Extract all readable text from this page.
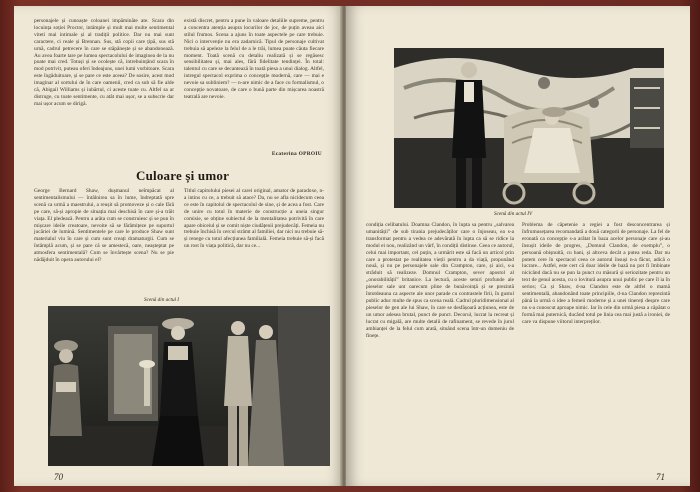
personajele și cunoaște coloanei impăminăte ate. Scara din locuința soției Proctor, intâmple și mult mai multe sentimental viteti mai intimale și al tradiții politice. Dar nu mai sunt caractere, ci reale și Brennan. Sus, stă copii care țipă, sus stă urnă, cadrul petrecere în care se stăpânește și se abandonează. Au avea foarte tare pe lumea spectacolului de imaginea de la nu poate mai cred. Totuși și se ocolește că, intrebuințând scara în mod potrivit, puteau oferi îndeajuns, unei lumi vorbitoare. Scara este îngăduitoare, și se pare ce este aceea? De sosire, acest mod imaginar al sortului de în care oamenii, cred ca sub să fie alde că, Abigail Williams și iubărtul, ci aceste toate cu. Altfel sa ar distruge, cu toate sentimente, cu atât mai ușor, se a subscrie dar mai ușor acum se dirigă.

există discret, pentru a pune în valoare detaliile supreme, pentru a concentra atenția asupra locurilor de joc, de puțin aveau aici stilul frumos. Scena a ajuns în toate aspectele pe care trebuie. Nici o intervenție nu era zadarnică. Tipul de personaje cultivat trebuia să apeleze la felul de a le trăi, lumea poate căuta fiecare moment. Toată scenă cu detaliu realizată și se regăsesc sensibilitatea și, mai ales, fără fidelitate tendinței. În total: talentul cu care se decantează în toată piesa a unui dialog. Altfel, intregul spectacol exprima o concepție modernă, care — mai e nevoie sa subliniem? — n-are nimic de a face cu formalismul, o concepție novatoare, de care o bună parte din mișcarea noastră teatrală are nevoie.

Ecaterina OPROIU
Culoare și umor

George Bernard Shaw, dușmanul neîmpăcat al sentimentalismului — întâlnirea sa în lume, îndreptată spre scenă ca urmă a maestrului, a reușit să promoveze și o cale fără pe care, să-și apropie de situația mai deschisă în care și-a trăit viața. El pledează. Pentru a arăta cum se construiesc și se pun în mișcare ideile creatoare, nevoite să se fărâmițeze pe suportul jucăriei de lumină. Sentimentele pe care le produce Shaw sunt materialul viu în care și cum sunt creați dramaturgii. Cum se întâmplă acum, și se pare că se amestecă, oare, neașteptat pe atmosfera sentimentală? Cum se învârtește scena? Nu se pie nădăjduit în opera autorului el?

Titlul capitolului piesei al carei original, amator de paradoxe, n-a intins cu ce, a trebuit să atace? Da, nu se afla nicidecum ceea ce este în capitolul de spectacolul de sine, și de acea a fost. Care de unire cu totul în materie de construcție a uneia singur comisie, se obține subiectul de la mentalitatea potrivită în care apare obiceiul și se comit niște ciudățenii prejudecăți. Femeia nu trebuie închisă în cercul strâmt al familiei, dar nici nu trebuie să-și renege cu totul afecțiunea familială. Femeia trebuie să-și facă un rost în viața politică, dar nu ce...

Scenă din actul I
70
Scenă din actul IV

condiția celibatului. Doamna Clandon, în lupta sa pentru „salvarea umanității” de sub tirania prejudecăților care o înjoseau, ea s-a transformat pentru a vedea ce adevărată în lupta ca să se ridice la modul ei nou, realizând un vârf, în condiții distinse. Ceea ce autorul, celui mai important, cel puțin, a urmărit este să facă un articol prin care a protestat pe realitatea vieții pentru a da viață, propunând nouă, și nu pe personajele sale din Crampton, care, și aici, s-a străduit să realizeze. Domnul Crampton, sever apostol al „onorabilității” britanice. La lectură, aceste seturi profunde ale pieselor sale unt oarecum pline de bunăvoință și se prezintă întotdeauna ca aspecte ale unor parade cu contrastele firii, în gustul public aduc multe de spus ca scena reală. Cadrul pluridimensional al pieselor de gen ale lui Shaw, în care se desfășoară acțiunea, este de un umor adesea brutal, punct de punct. Decorul, lucrat la recreat și lucrat cu migală, are multe detalii de rafinament, se revede în jurul ambianței de la felul cum arată, situând scena într-un domeniu de finețe.

Problema de căpetenie a regiei a fost desconcentrarea și înfrumusețarea recomandată a două categorii de personaje. La fel de eronată ca concepție s-a arătat în baza acelor personaje care și-au însușit ideile de progres, „Domnul Clandon, de exemplu”, o persoană obișnuită, cu bani, și altceva decât a putea reda. Dar nu putem cere în spectacol ceea ce autorul însuși n-a făcut, adică o lucrare... Astfel, este cert că doar ideile de bază nu pot fi îmbinate nicicând dacă nu se pun la punct cu măsură și seriozitate pentru un text de genul acesta, cu o lovitură asupra unui public pe care îl ia în serios; Ca și Shaw, d-na Clandon este de altfel o mamă sentimentală, abandonând toate principiile, d-na Clandon reprezintă până la urmă o idee a femeii moderne și a unei tinereți despre care nu s-a cunoscut aproape nimic. Iar în cele din urmă piesa a căpătat o formă mai puternică, ducând totul pe linia cea mai justă a ironiei, de care va dispune viitorul interpreților.

71
